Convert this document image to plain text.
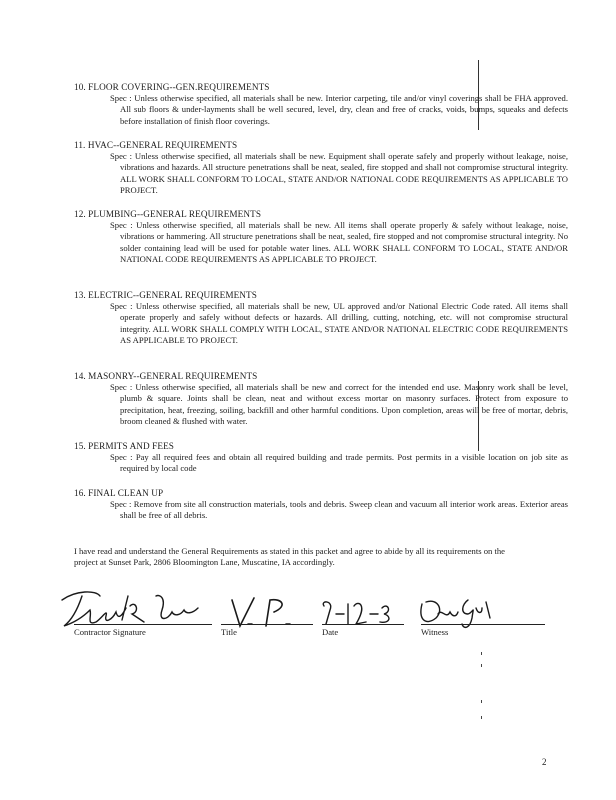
10. FLOOR COVERING--GEN.REQUIREMENTS
Spec : Unless otherwise specified, all materials shall be new. Interior carpeting, tile and/or vinyl coverings shall be FHA approved. All sub floors & under-layments shall be well secured, level, dry, clean and free of cracks, voids, bumps, squeaks and defects before installation of finish floor coverings.
11. HVAC--GENERAL REQUIREMENTS
Spec : Unless otherwise specified, all materials shall be new. Equipment shall operate safely and properly without leakage, noise, vibrations and hazards. All structure penetrations shall be neat, sealed, fire stopped and shall not compromise structural integrity. ALL WORK SHALL CONFORM TO LOCAL, STATE AND/OR NATIONAL CODE REQUIREMENTS AS APPLICABLE TO PROJECT.
12. PLUMBING--GENERAL REQUIREMENTS
Spec : Unless otherwise specified, all materials shall be new. All items shall operate properly & safely without leakage, noise, vibrations or hammering. All structure penetrations shall be neat, sealed, fire stopped and not compromise structural integrity. No solder containing lead will be used for potable water lines. ALL WORK SHALL CONFORM TO LOCAL, STATE AND/OR NATIONAL CODE REQUIREMENTS AS APPLICABLE TO PROJECT.
13. ELECTRIC--GENERAL REQUIREMENTS
Spec : Unless otherwise specified, all materials shall be new, UL approved and/or National Electric Code rated. All items shall operate properly and safely without defects or hazards. All drilling, cutting, notching, etc. will not compromise structural integrity. ALL WORK SHALL COMPLY WITH LOCAL, STATE AND/OR NATIONAL ELECTRIC CODE REQUIREMENTS AS APPLICABLE TO PROJECT.
14. MASONRY--GENERAL REQUIREMENTS
Spec : Unless otherwise specified, all materials shall be new and correct for the intended end use. Masonry work shall be level, plumb & square. Joints shall be clean, neat and without excess mortar on masonry surfaces. Protect from exposure to precipitation, heat, freezing, soiling, backfill and other harmful conditions. Upon completion, areas will be free of mortar, debris, broom cleaned & flushed with water.
15. PERMITS AND FEES
Spec : Pay all required fees and obtain all required building and trade permits. Post permits in a visible location on job site as required by local code
16. FINAL CLEAN UP
Spec : Remove from site all construction materials, tools and debris. Sweep clean and vacuum all interior work areas. Exterior areas shall be free of all debris.
I have read and understand the General Requirements as stated in this packet and agree to abide by all its requirements on the project at Sunset Park, 2806 Bloomington Lane, Muscatine, IA accordingly.
Contractor Signature	Title	Date	Witness
2
